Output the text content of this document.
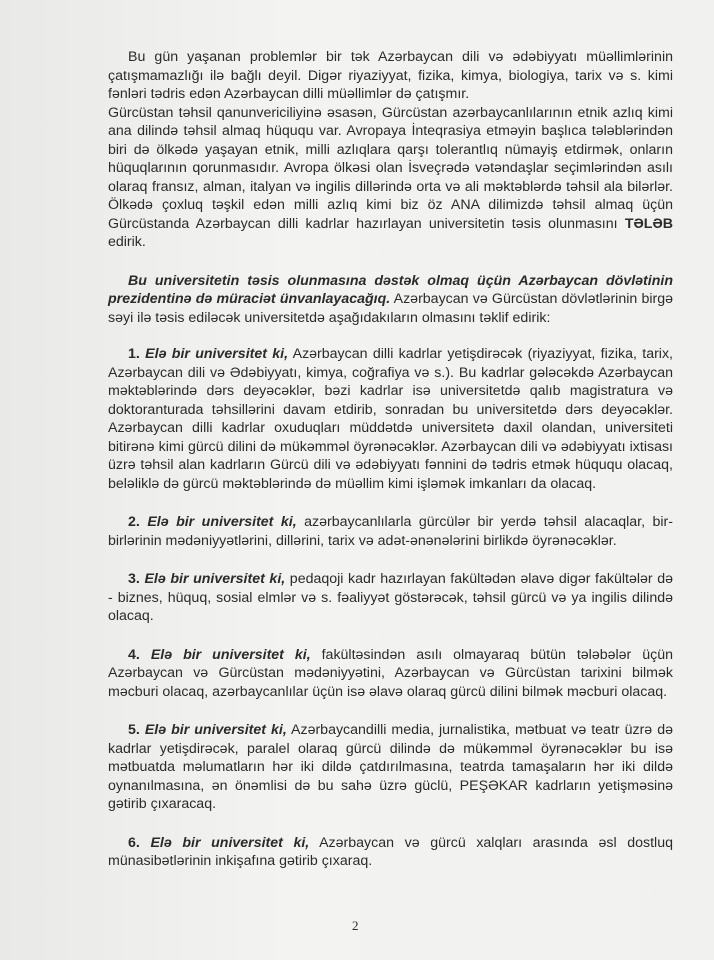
Bu gün yaşanan problemlər bir tək Azərbaycan dili və ədəbiyyatı müəllimlərinin çatışmamazlığı ilə bağlı deyil. Digər riyaziyyat, fizika, kimya, biologiya, tarix və s. kimi fənləri tədris edən Azərbaycan dilli müəllimlər də çatışmır.

Gürcüstan təhsil qanunvericiliyinə əsasən, Gürcüstan azərbaycanlılarının etnik azlıq kimi ana dilində təhsil almaq hüququ var. Avropaya İnteqrasiya etməyin başlıca tələblərindən biri də ölkədə yaşayan etnik, milli azlıqlara qarşı tolerantlıq nümayiş etdirmək, onların hüquqlarının qorunmasıdır. Avropa ölkəsi olan İsveçrədə vətəndaşlar seçimlərindən asılı olaraq fransız, alman, italyan və ingilis dillərində orta və ali məktəblərdə təhsil ala bilərlər. Ölkədə çoxluq təşkil edən milli azlıq kimi biz öz ANA dilimizdə təhsil almaq üçün Gürcüstanda Azərbaycan dilli kadrlar hazırlayan universitetin təsis olunmasını TƏLƏB edirik.

Bu universitetin təsis olunmasına dəstək olmaq üçün Azərbaycan dövlətinin prezidentinə də müraciət ünvanlayacağıq. Azərbaycan və Gürcüstan dövlətlərinin birgə səyi ilə təsis ediləcək universitetdə aşağıdakıların olmasını təklif edirik:

1. Elə bir universitet ki, Azərbaycan dilli kadrlar yetişdirəcək (riyaziyyat, fizika, tarix, Azərbaycan dili və Ədəbiyyatı, kimya, coğrafiya və s.). Bu kadrlar gələcəkdə Azərbaycan məktəblərində dərs deyəcəklər, bəzi kadrlar isə universitetdə qalıb magistratura və doktoranturada təhsillərini davam etdirib, sonradan bu universitetdə dərs deyəcəklər. Azərbaycan dilli kadrlar oxuduqları müddətdə universitetə daxil olandan, universiteti bitirənə kimi gürcü dilini də mükəmməl öyrənəcəklər. Azərbaycan dili və ədəbiyyatı ixtisası üzrə təhsil alan kadrların Gürcü dili və ədəbiyyatı fənnini də tədris etmək hüququ olacaq, beləliklə də gürcü məktəblərində də müəllim kimi işləmək imkanları da olacaq.

2. Elə bir universitet ki, azərbaycanlılarla gürcülər bir yerdə təhsil alacaqlar, bir-birlərinin mədəniyyətlərini, dillərini, tarix və adət-ənənələrini birlikdə öyrənəcəklər.

3. Elə bir universitet ki, pedaqoji kadr hazırlayan fakültədən əlavə digər fakültələr də - biznes, hüquq, sosial elmlər və s. fəaliyyət göstərəcək, təhsil gürcü və ya ingilis dilində olacaq.

4. Elə bir universitet ki, fakültəsindən asılı olmayaraq bütün tələbələr üçün Azərbaycan və Gürcüstan mədəniyyətini, Azərbaycan və Gürcüstan tarixini bilmək məcburi olacaq, azərbaycanlılar üçün isə əlavə olaraq gürcü dilini bilmək məcburi olacaq.

5. Elə bir universitet ki, Azərbaycandilli media, jurnalistika, mətbuat və teatr üzrə də kadrlar yetişdirəcək, paralel olaraq gürcü dilində də mükəmməl öyrənəcəklər bu isə mətbuatda məlumatların hər iki dildə çatdırılmasına, teatrda tamaşaların hər iki dildə oynanılmasına, ən önəmlisi də bu sahə üzrə güclü, PEŞƏKAR kadrların yetişməsinə gətirib çıxaracaq.

6. Elə bir universitet ki, Azərbaycan və gürcü xalqları arasında əsl dostluq münasibətlərinin inkişafına gətirib çıxaraq.

2
